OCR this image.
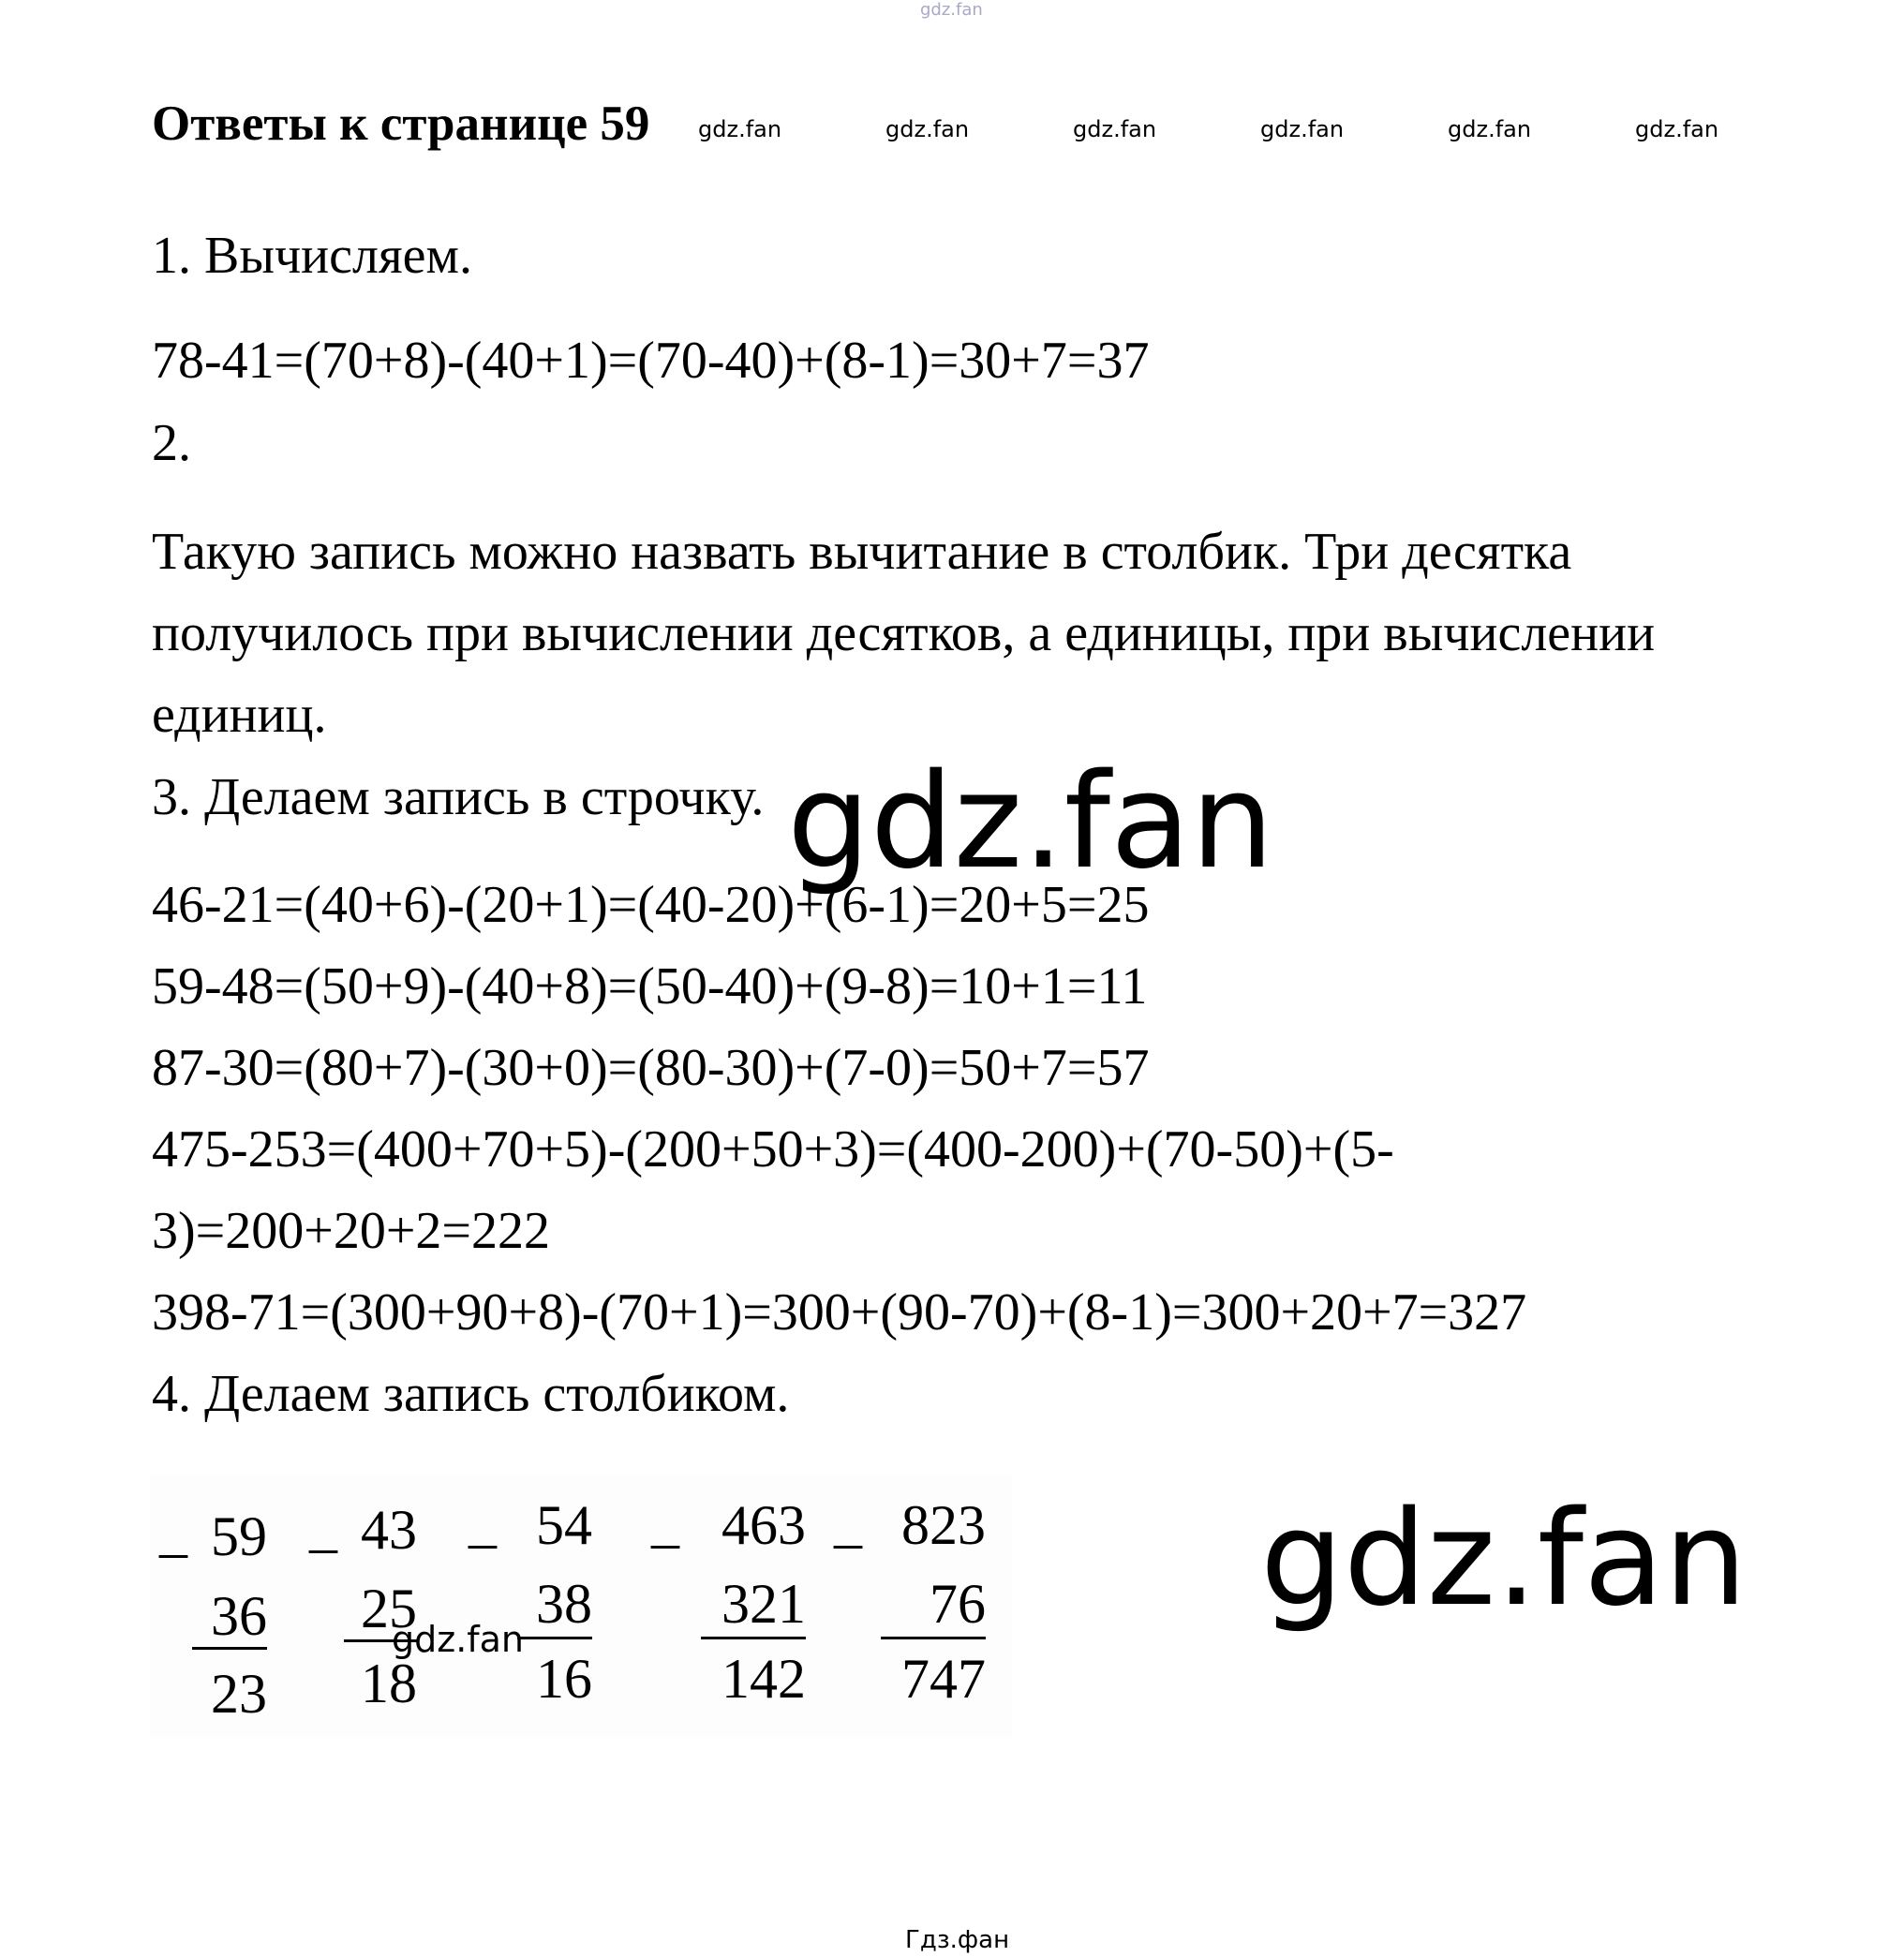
gdz.fan
Ответы к странице 59 gdz.fan	gdz.fan	gdz.fan	gdz.fan	gdz.fan	gdz.fan
1. Вычисляем.
78-41=(70+8)-(40+1)=(70-40)+(8-1)=30+7=37
2.
Такую запись можно назвать вычитание в столбик. Три десятка
получилось при вычислении десятков, а единицы, при вычислении
единиц.
3. Делаем запись в строчку.
46-21=(40+6)-(20+1)=(40-20)+(6-1)=20+5=25
59-48=(50+9)-(40+8)=(50-40)+(9-8)=10+1=11
87-30=(80+7)-(30+0)=(80-30)+(7-0)=50+7=57
475-253=(400+70+5)-(200+50+3)=(400-200)+(70-50)+(5-
3)=200+20+2=222
398-71=(300+90+8)-(70+1)=300+(90-70)+(8-1)=300+20+7=327
4. Делаем запись столбиком.
_ 59
36
23
_ 43
25
18
_ 54
38
16
_ 463
321
142
_ 823
76
747
gdz.fan
gdz.fan
gdz.fan
Гдз.фан
